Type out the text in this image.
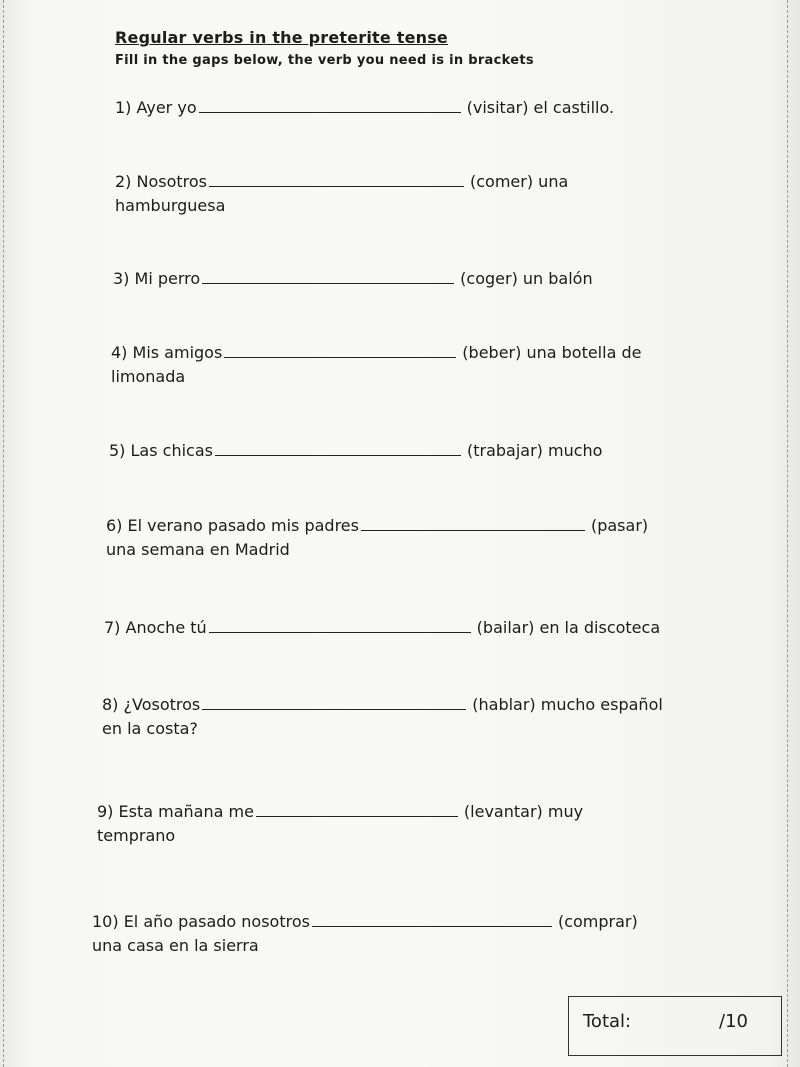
Regular verbs in the preterite tense
Fill in the gaps below, the verb you need is in brackets
1) Ayer yo	(visitar) el castillo.
2) Nosotros	(comer) una
hamburguesa
3) Mi perro	(coger) un balón
4) Mis amigos	(beber) una botella de
limonada
5) Las chicas	(trabajar) mucho
6) El verano pasado mis padres	(pasar)
una semana en Madrid
7) Anoche tú	(bailar) en la discoteca
8) ¿Vosotros	(hablar) mucho español
en la costa?
9) Esta mañana me	(levantar) muy
temprano
10) El año pasado nosotros	(comprar)
una casa en la sierra
Total:	/10
